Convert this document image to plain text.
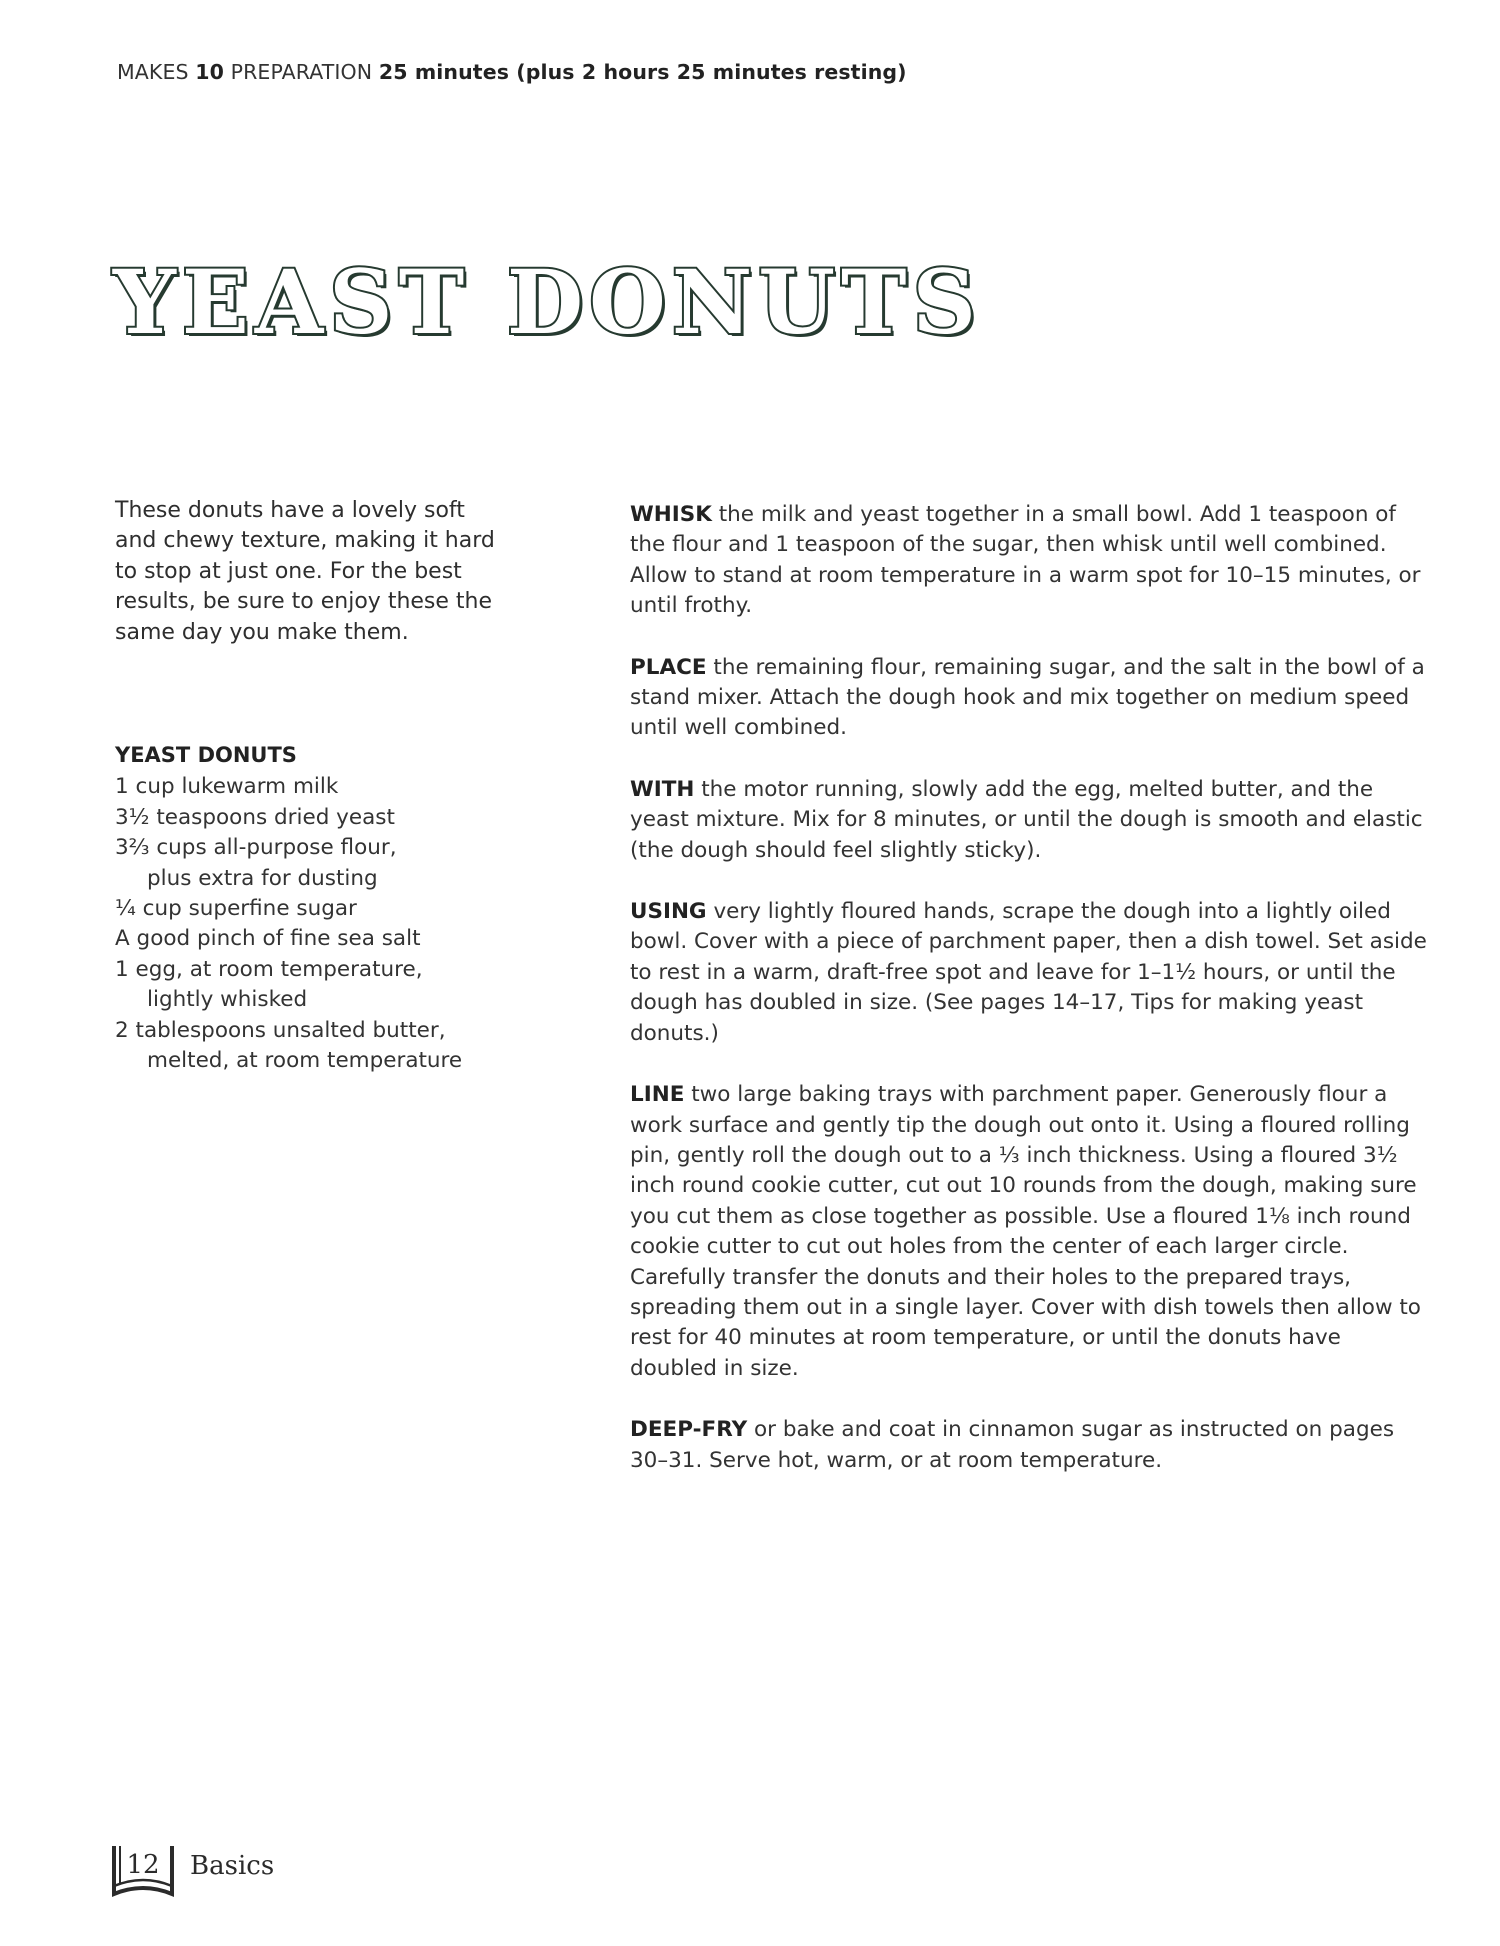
MAKES 10 PREPARATION 25 minutes (plus 2 hours 25 minutes resting)
YEAST DONUTS

These donuts have a lovely soft and chewy texture, making it hard to stop at just one. For the best results, be sure to enjoy these the same day you make them.

YEAST DONUTS
1 cup lukewarm milk
3½ teaspoons dried yeast
3⅔ cups all-purpose flour,
plus extra for dusting
¼ cup superfine sugar
A good pinch of fine sea salt
1 egg, at room temperature,
lightly whisked
2 tablespoons unsalted butter,
melted, at room temperature

WHISK the milk and yeast together in a small bowl. Add 1 teaspoon of the flour and 1 teaspoon of the sugar, then whisk until well combined. Allow to stand at room temperature in a warm spot for 10–15 minutes, or until frothy.

PLACE the remaining flour, remaining sugar, and the salt in the bowl of a stand mixer. Attach the dough hook and mix together on medium speed until well combined.

WITH the motor running, slowly add the egg, melted butter, and the yeast mixture. Mix for 8 minutes, or until the dough is smooth and elastic (the dough should feel slightly sticky).

USING very lightly floured hands, scrape the dough into a lightly oiled bowl. Cover with a piece of parchment paper, then a dish towel. Set aside to rest in a warm, draft-free spot and leave for 1–1½ hours, or until the dough has doubled in size. (See pages 14–17, Tips for making yeast donuts.)

LINE two large baking trays with parchment paper. Generously flour a work surface and gently tip the dough out onto it. Using a floured rolling pin, gently roll the dough out to a ⅓ inch thickness. Using a floured 3½ inch round cookie cutter, cut out 10 rounds from the dough, making sure you cut them as close together as possible. Use a floured 1⅛ inch round cookie cutter to cut out holes from the center of each larger circle. Carefully transfer the donuts and their holes to the prepared trays, spreading them out in a single layer. Cover with dish towels then allow to rest for 40 minutes at room temperature, or until the donuts have doubled in size.

DEEP-FRY or bake and coat in cinnamon sugar as instructed on pages 30–31. Serve hot, warm, or at room temperature.

12	Basics
